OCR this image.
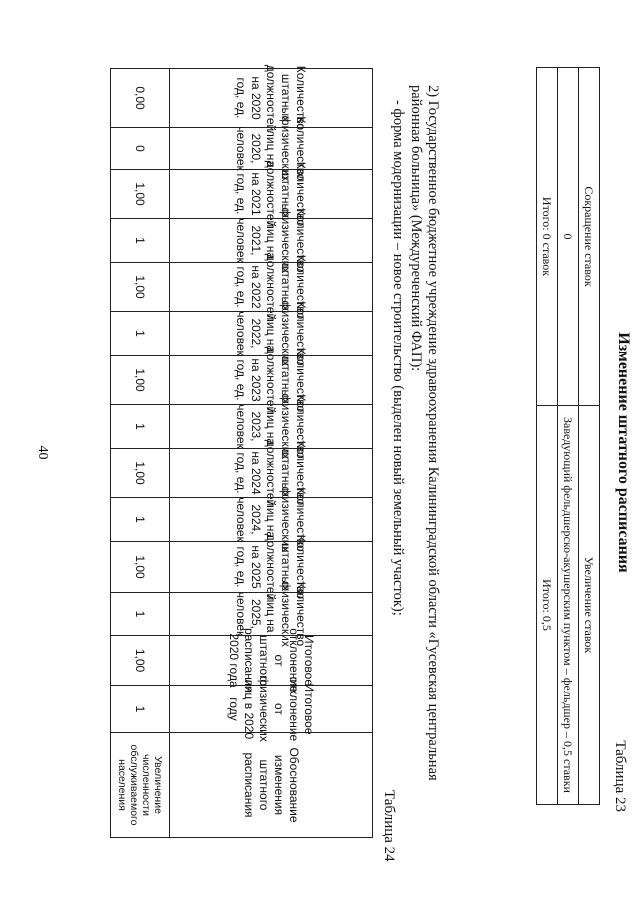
Изменение штатного расписания
Таблица 23
Сокращение ставок
Увеличение ставок
0
Заведующий фельдшерско-акушерским пунктом – фельдшер – 0,5 ставки
Итого: 0 ставок
Итого: 0,5
2) Государственное бюджетное учреждение здравоохранения Калининградской области «Гусевская центральная
районная больница» (Междуреченский ФАП):
- форма модернизации – новое строительство (выделен новый земельный участок);
Таблица 24
Количество штатных должностей на 2020 год, ед.
Количество физических лиц на 2020, человек
Количество штатных должностей на 2021 год, ед.
Количество физических лиц на 2021, человек
Количество штатных должностей на 2022 год, ед.
Количество физических лиц на 2022, человек
Количество штатных должностей на 2023 год, ед.
Количество физических лиц на 2023, человек
Количество штатных должностей на 2024 год, ед.
Количество физических лиц на 2024, человек
Количество штатных должностей на 2025 год, ед.
Количество физических лиц на 2025, человек
Итоговое отклонение от штатного расписания 2020 года
Итоговое отклонение от физических лиц в 2020 году
Обоснование изменения штатного расписания
0,00
0
1,00
1
1,00
1
1,00
1
1,00
1
1,00
1
1,00
1
Увеличение численности обслуживаемого населения
40
